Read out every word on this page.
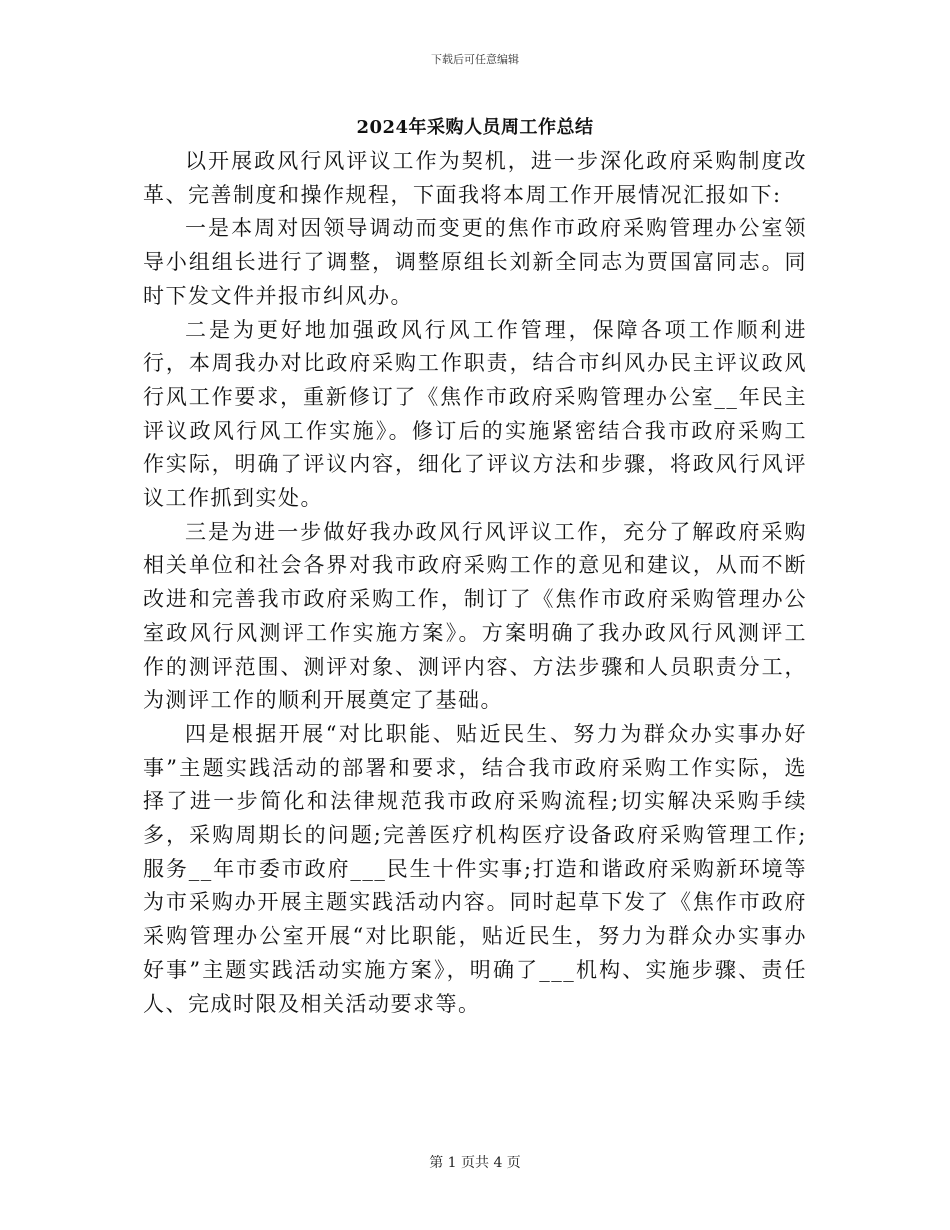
下载后可任意编辑
2024年采购人员周工作总结

以开展政风行风评议工作为契机，进一步深化政府采购制度改革、完善制度和操作规程，下面我将本周工作开展情况汇报如下:

一是本周对因领导调动而变更的焦作市政府采购管理办公室领导小组组长进行了调整，调整原组长刘新全同志为贾国富同志。同时下发文件并报市纠风办。

二是为更好地加强政风行风工作管理，保障各项工作顺利进行，本周我办对比政府采购工作职责，结合市纠风办民主评议政风行风工作要求，重新修订了《焦作市政府采购管理办公室__年民主评议政风行风工作实施》。修订后的实施紧密结合我市政府采购工作实际，明确了评议内容，细化了评议方法和步骤，将政风行风评议工作抓到实处。

三是为进一步做好我办政风行风评议工作，充分了解政府采购相关单位和社会各界对我市政府采购工作的意见和建议，从而不断改进和完善我市政府采购工作，制订了《焦作市政府采购管理办公室政风行风测评工作实施方案》。方案明确了我办政风行风测评工作的测评范围、测评对象、测评内容、方法步骤和人员职责分工，为测评工作的顺利开展奠定了基础。

四是根据开展“对比职能、贴近民生、努力为群众办实事办好事”主题实践活动的部署和要求，结合我市政府采购工作实际，选择了进一步简化和法律规范我市政府采购流程;切实解决采购手续多，采购周期长的问题;完善医疗机构医疗设备政府采购管理工作;服务__年市委市政府___民生十件实事;打造和谐政府采购新环境等为市采购办开展主题实践活动内容。同时起草下发了《焦作市政府采购管理办公室开展“对比职能，贴近民生，努力为群众办实事办好事”主题实践活动实施方案》，明确了___机构、实施步骤、责任人、完成时限及相关活动要求等。

第 1 页共 4 页
